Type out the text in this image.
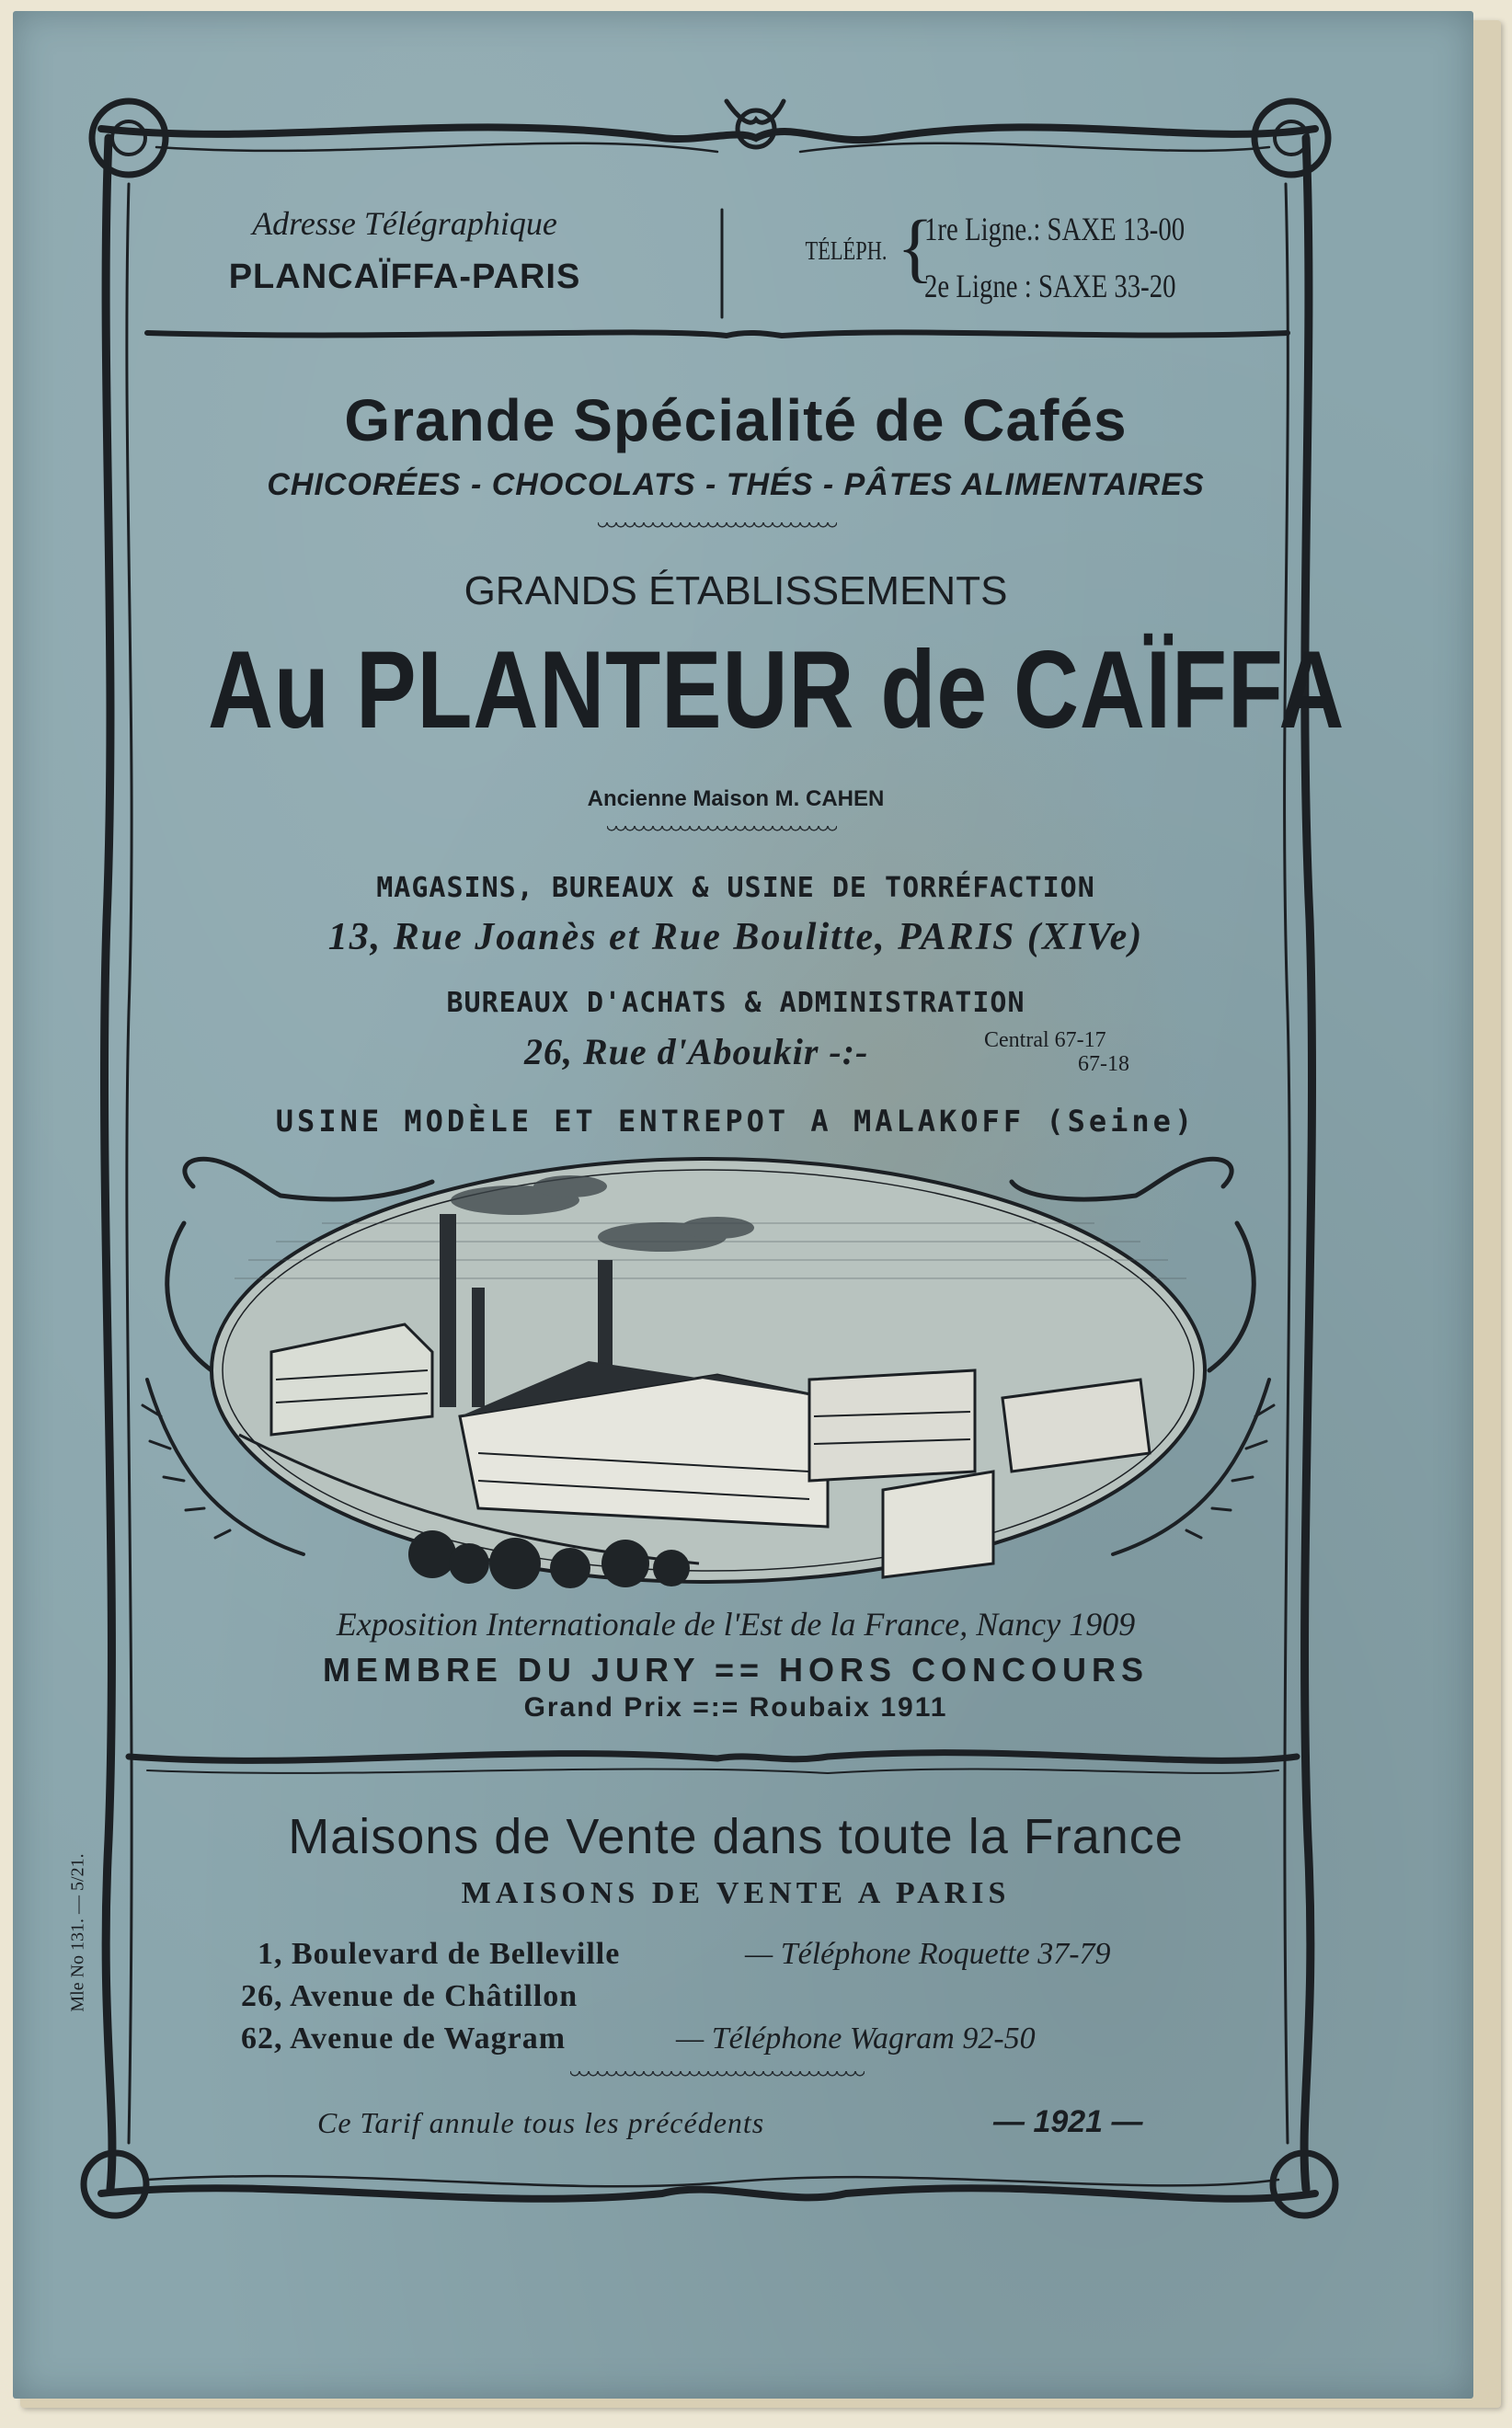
Adresse Télégraphique
PLANCAÏFFA-PARIS
TÉLÉPH. {
1re Ligne.: SAXE 13-00
2e Ligne : SAXE 33-20
Grande Spécialité de Cafés
CHICORÉES - CHOCOLATS - THÉS - PÂTES ALIMENTAIRES
GRANDS ÉTABLISSEMENTS
Au PLANTEUR de CAÏFFA
Ancienne Maison M. CAHEN
MAGASINS, BUREAUX & USINE DE TORRÉFACTION
13, Rue Joanès et Rue Boulitte, PARIS (XIVe)
BUREAUX D'ACHATS & ADMINISTRATION
26, Rue d'Aboukir -:-	Central 67-17
67-18
USINE MODÈLE ET ENTREPOT A MALAKOFF (Seine)
Exposition Internationale de l'Est de la France, Nancy 1909
MEMBRE DU JURY == HORS CONCOURS
Grand Prix =:= Roubaix 1911
Maisons de Vente dans toute la France
MAISONS DE VENTE A PARIS
1, Boulevard de Belleville	— Téléphone Roquette 37-79
26, Avenue de Châtillon
62, Avenue de Wagram	— Téléphone Wagram 92-50
Ce Tarif annule tous les précédents	— 1921 —
Mle No 131. — 5/21.
